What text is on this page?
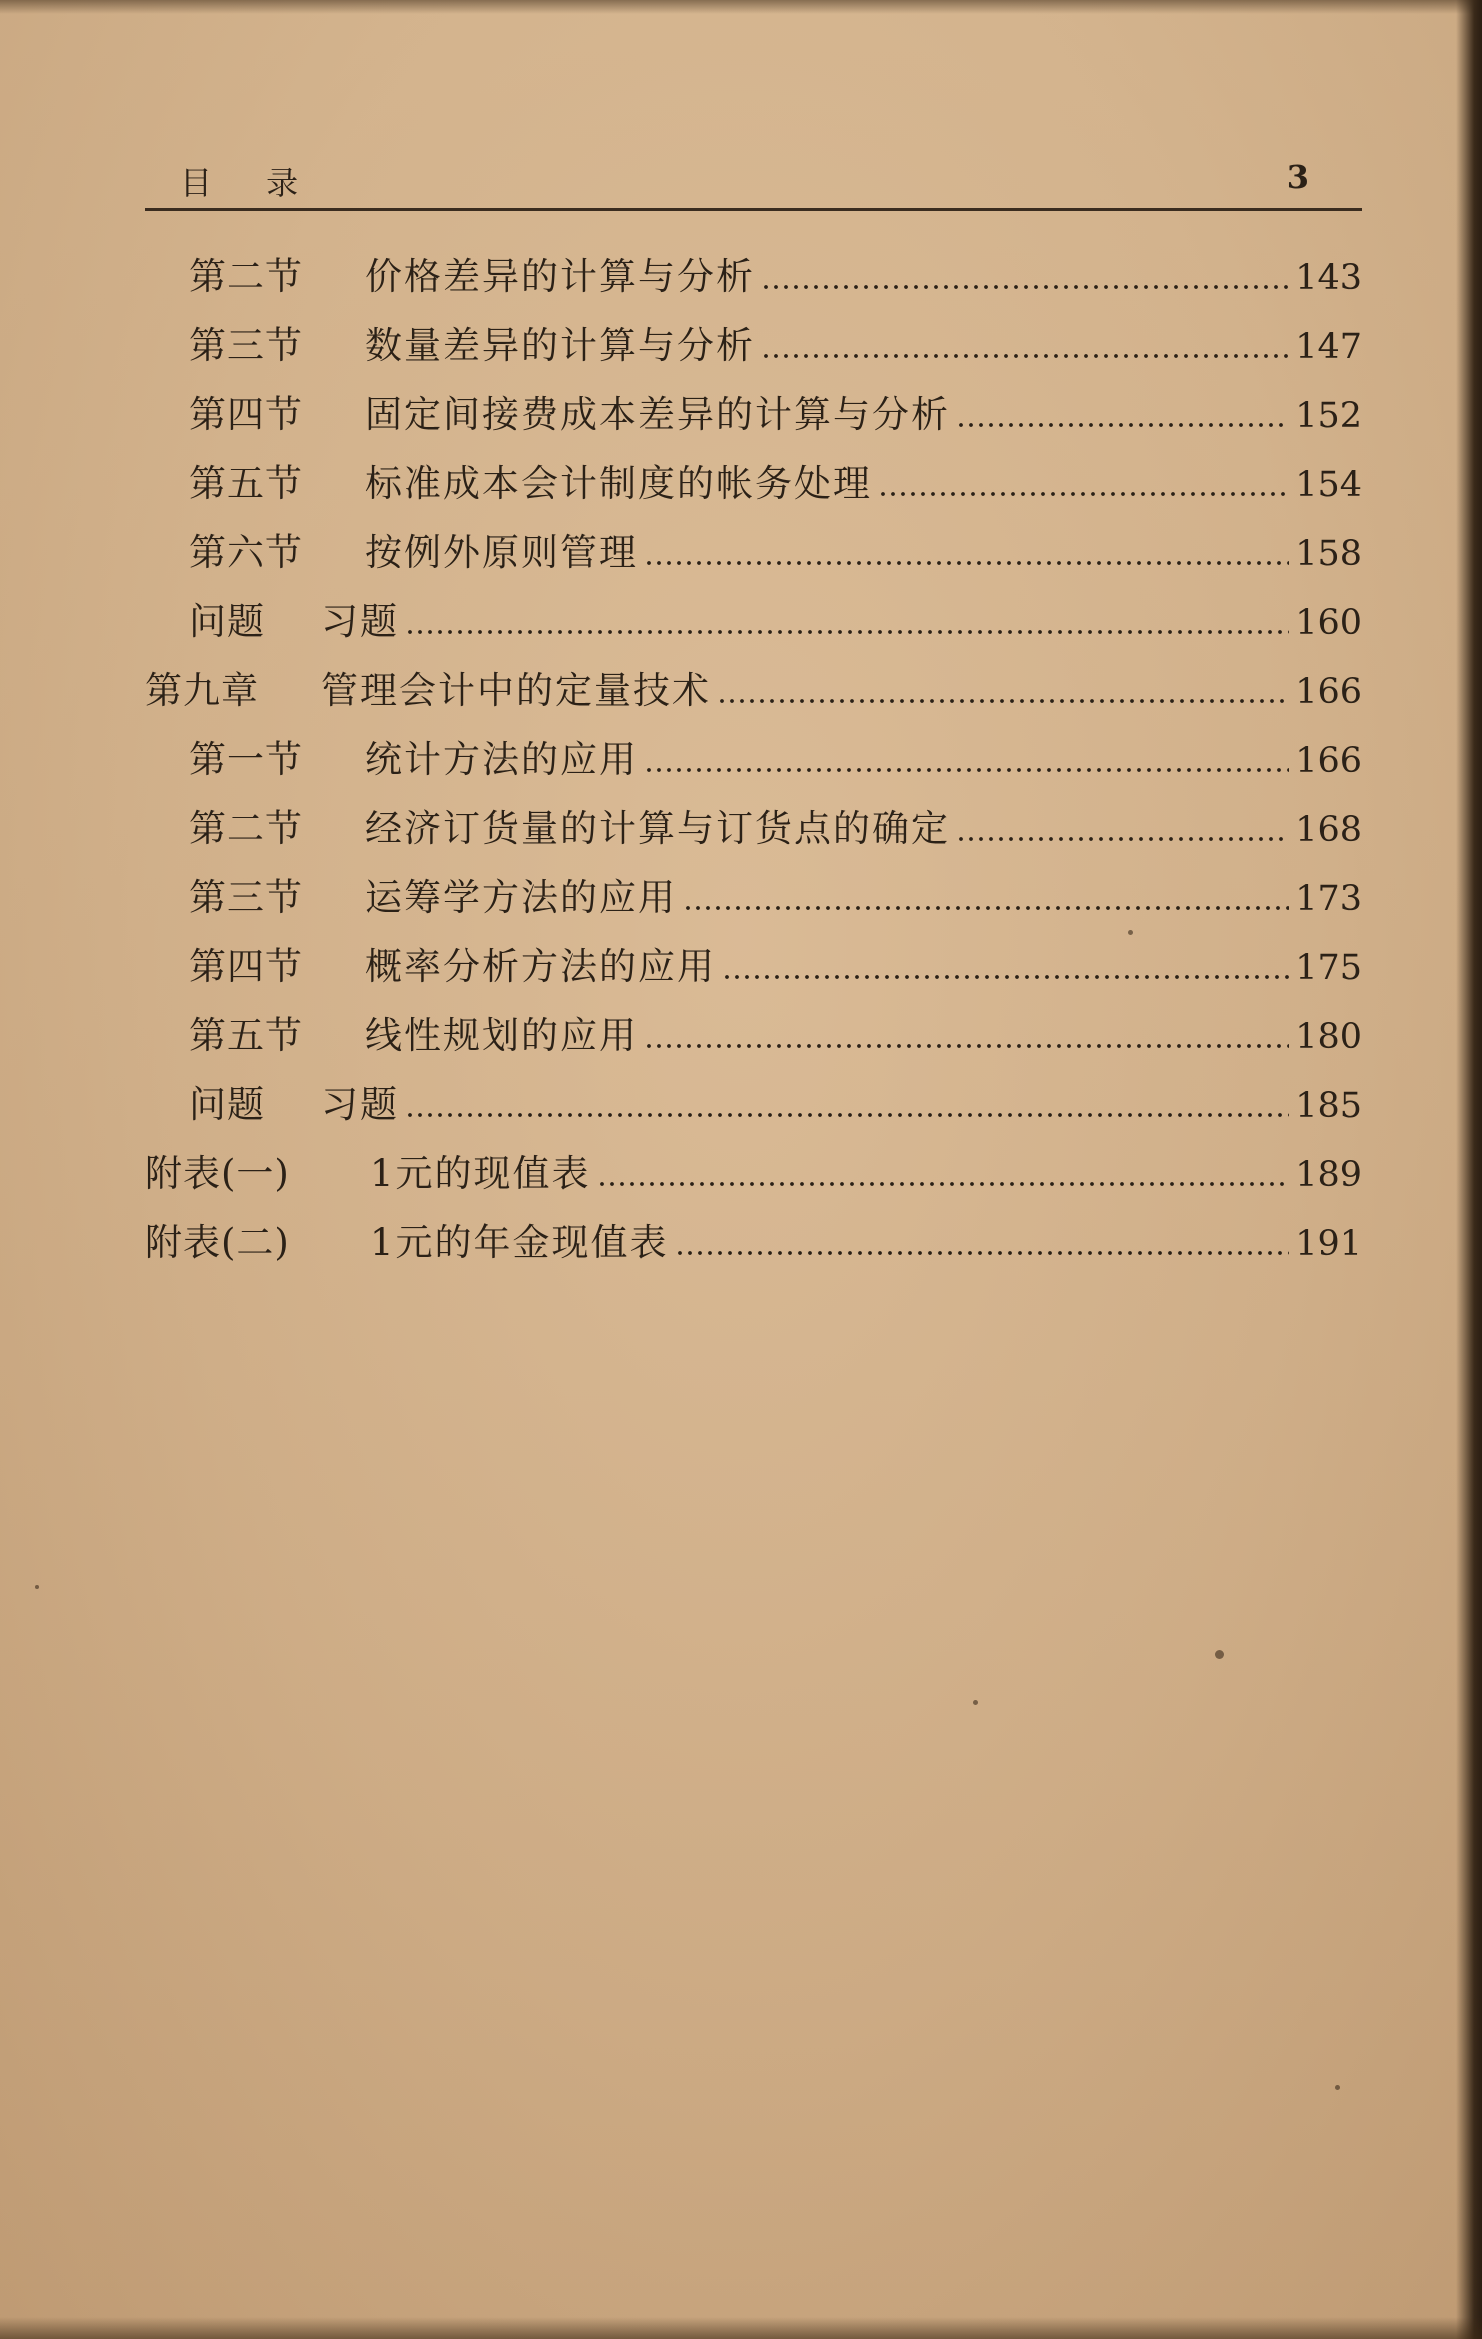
目 录	3
第二节	价格差异的计算与分析	143
第三节	数量差异的计算与分析	147
第四节	固定间接费成本差异的计算与分析	152
第五节	标准成本会计制度的帐务处理	154
第六节	按例外原则管理	158
问题	习题	160
第九章	管理会计中的定量技术	166
第一节	统计方法的应用	166
第二节	经济订货量的计算与订货点的确定	168
第三节	运筹学方法的应用	173
第四节	概率分析方法的应用	175
第五节	线性规划的应用	180
问题	习题	185
附表(一)	1元的现值表	189
附表(二)	1元的年金现值表	191
